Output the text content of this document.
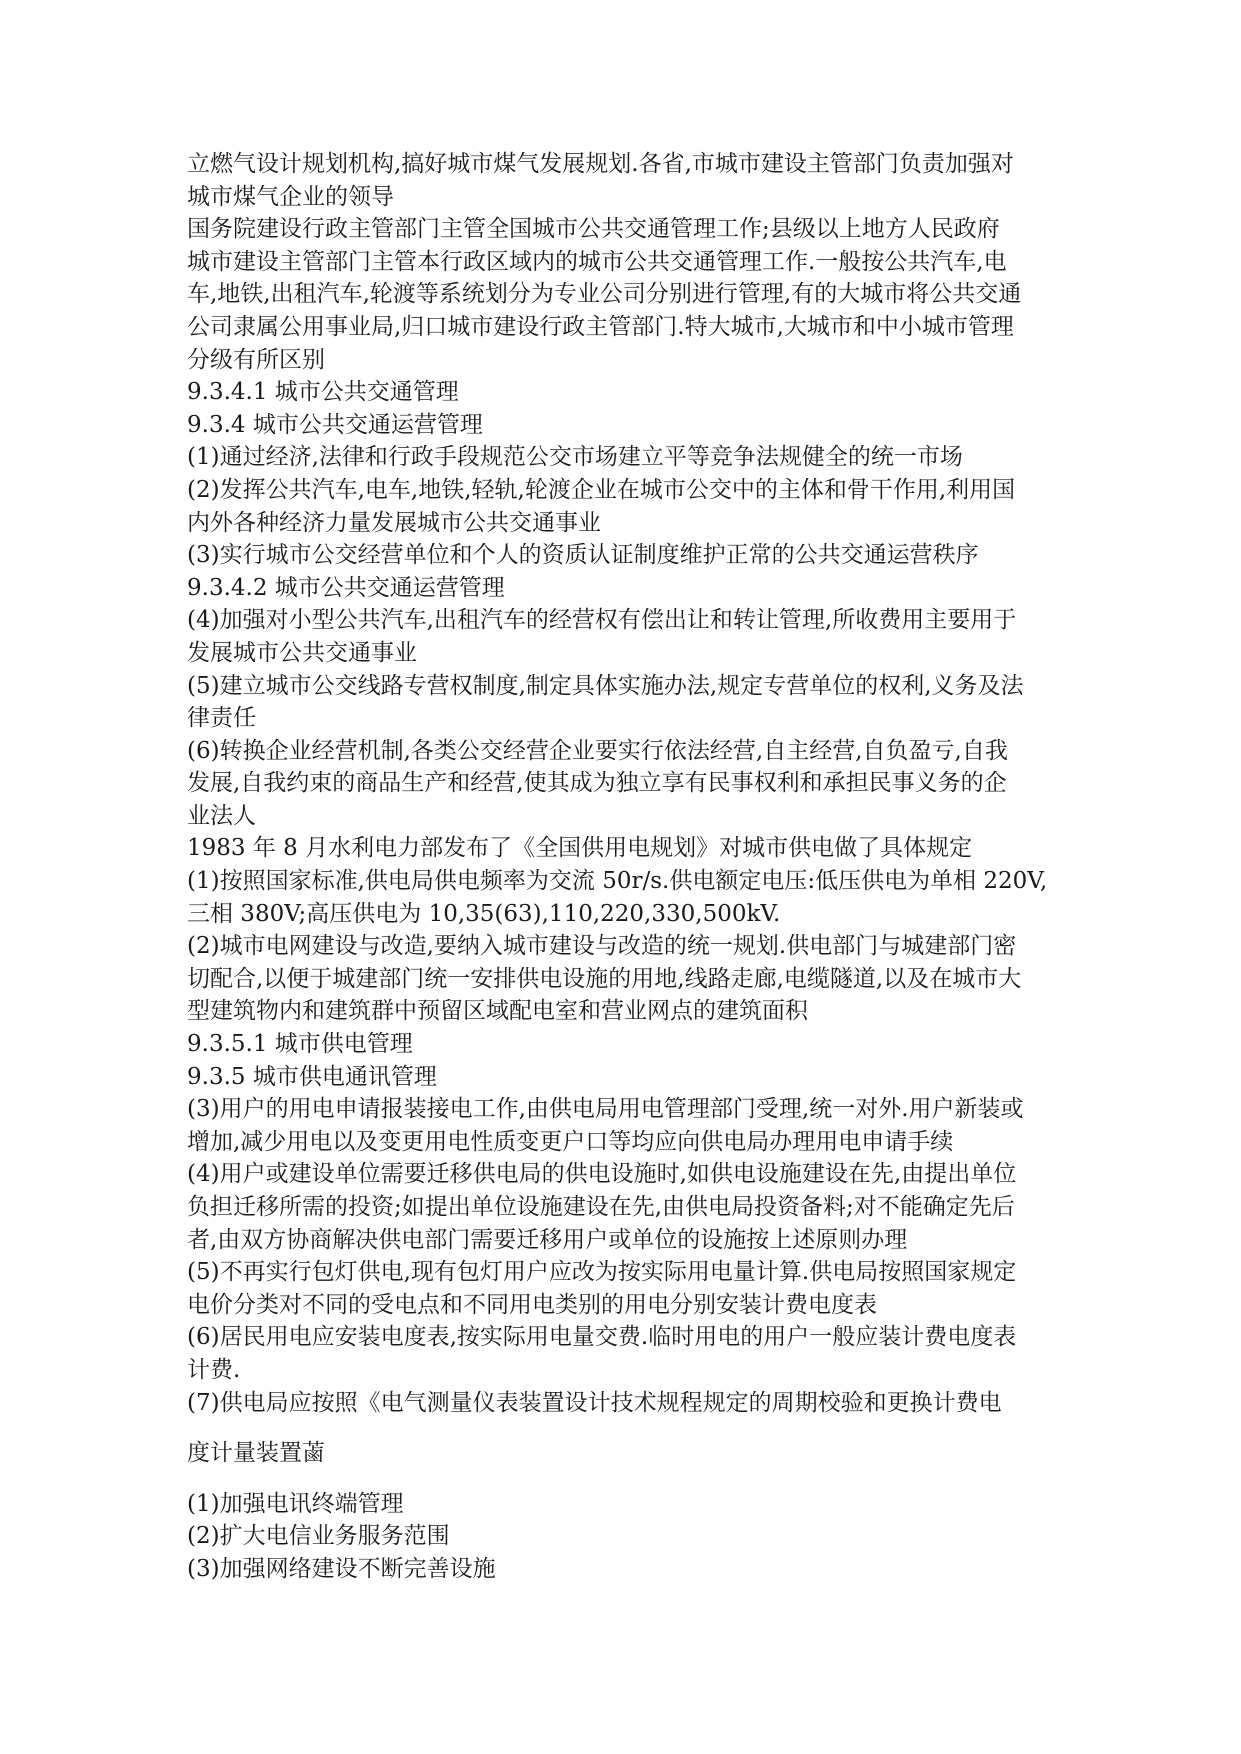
立燃气设计规划机构,搞好城市煤气发展规划.各省,市城市建设主管部门负责加强对
城市煤气企业的领导
国务院建设行政主管部门主管全国城市公共交通管理工作;县级以上地方人民政府
城市建设主管部门主管本行政区域内的城市公共交通管理工作.一般按公共汽车,电
车,地铁,出租汽车,轮渡等系统划分为专业公司分别进行管理,有的大城市将公共交通
公司隶属公用事业局,归口城市建设行政主管部门.特大城市,大城市和中小城市管理
分级有所区别
9.3.4.1 城市公共交通管理
9.3.4 城市公共交通运营管理
(1)通过经济,法律和行政手段规范公交市场建立平等竞争法规健全的统一市场
(2)发挥公共汽车,电车,地铁,轻轨,轮渡企业在城市公交中的主体和骨干作用,利用国
内外各种经济力量发展城市公共交通事业
(3)实行城市公交经营单位和个人的资质认证制度维护正常的公共交通运营秩序
9.3.4.2 城市公共交通运营管理
(4)加强对小型公共汽车,出租汽车的经营权有偿出让和转让管理,所收费用主要用于
发展城市公共交通事业
(5)建立城市公交线路专营权制度,制定具体实施办法,规定专营单位的权利,义务及法
律责任
(6)转换企业经营机制,各类公交经营企业要实行依法经营,自主经营,自负盈亏,自我
发展,自我约束的商品生产和经营,使其成为独立享有民事权利和承担民事义务的企
业法人
1983 年 8 月水利电力部发布了《全国供用电规划》对城市供电做了具体规定
(1)按照国家标准,供电局供电频率为交流 50r/s.供电额定电压:低压供电为单相 220V,
三相 380V;高压供电为 10,35(63),110,220,330,500kV.
(2)城市电网建设与改造,要纳入城市建设与改造的统一规划.供电部门与城建部门密
切配合,以便于城建部门统一安排供电设施的用地,线路走廊,电缆隧道,以及在城市大
型建筑物内和建筑群中预留区域配电室和营业网点的建筑面积
9.3.5.1 城市供电管理
9.3.5 城市供电通讯管理
(3)用户的用电申请报装接电工作,由供电局用电管理部门受理,统一对外.用户新装或
增加,减少用电以及变更用电性质变更户口等均应向供电局办理用电申请手续
(4)用户或建设单位需要迁移供电局的供电设施时,如供电设施建设在先,由提出单位
负担迁移所需的投资;如提出单位设施建设在先,由供电局投资备料;对不能确定先后
者,由双方协商解决供电部门需要迁移用户或单位的设施按上述原则办理
(5)不再实行包灯供电,现有包灯用户应改为按实际用电量计算.供电局按照国家规定
电价分类对不同的受电点和不同用电类别的用电分别安装计费电度表
(6)居民用电应安装电度表,按实际用电量交费.临时用电的用户一般应装计费电度表
计费.
(7)供电局应按照《电气测量仪表装置设计技术规程规定的周期校验和更换计费电
度计量装置蓾
(1)加强电讯终端管理
(2)扩大电信业务服务范围
(3)加强网络建设不断完善设施
